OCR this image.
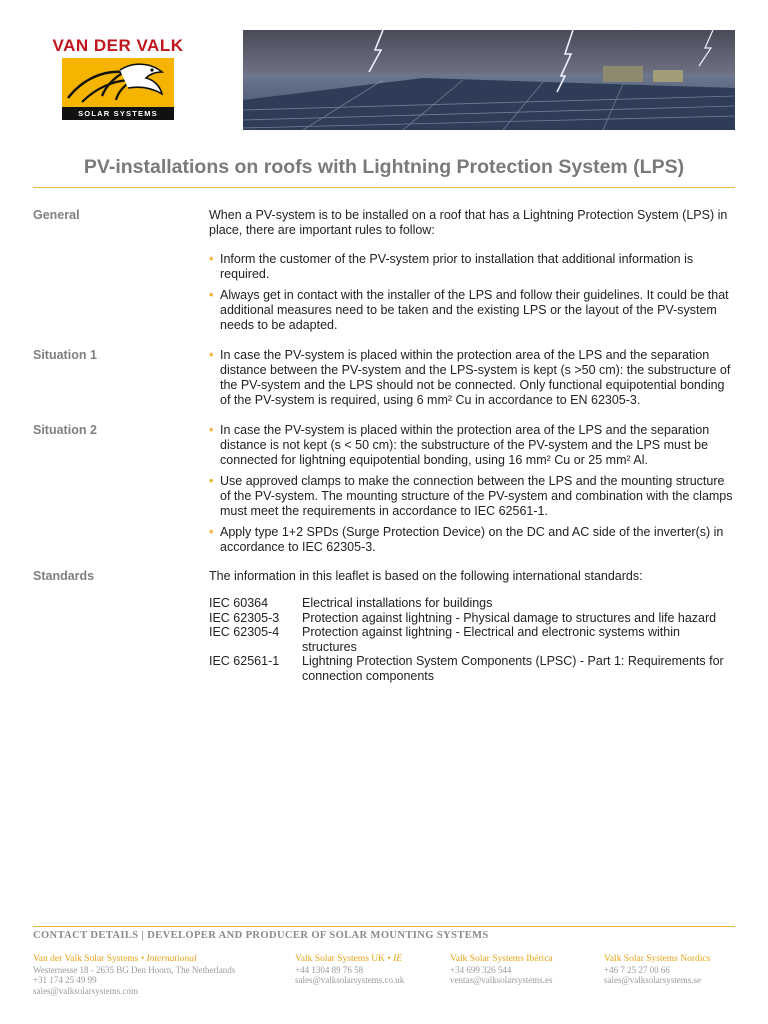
VAN DER VALK
SOLAR SYSTEMS
PV-installations on roofs with Lightning Protection System (LPS)
General	When a PV-system is to be installed on a roof that has a Lightning Protection System (LPS) in place, there are important rules to follow:

• Inform the customer of the PV-system prior to installation that additional information is required.
• Always get in contact with the installer of the LPS and follow their guidelines. It could be that additional measures need to be taken and the existing LPS or the layout of the PV-system needs to be adapted.
Situation 1	• In case the PV-system is placed within the protection area of the LPS and the separation distance between the PV-system and the LPS-system is kept (s >50 cm): the substructure of the PV-system and the LPS should not be connected. Only functional equipotential bonding of the PV-system is required, using 6 mm² Cu in accordance to EN 62305-3.
Situation 2	• In case the PV-system is placed within the protection area of the LPS and the separation distance is not kept (s < 50 cm): the substructure of the PV-system and the LPS must be connected for lightning equipotential bonding, using 16 mm² Cu or 25 mm² Al.
• Use approved clamps to make the connection between the LPS and the mounting structure of the PV-system. The mounting structure of the PV-system and combination with the clamps must meet the requirements in accordance to IEC 62561-1.
• Apply type 1+2 SPDs (Surge Protection Device) on the DC and AC side of the inverter(s) in accordance to IEC 62305-3.
Standards	The information in this leaflet is based on the following international standards:

IEC 60364	Electrical installations for buildings
IEC 62305-3	Protection against lightning - Physical damage to structures and life hazard
IEC 62305-4	Protection against lightning - Electrical and electronic systems within structures
IEC 62561-1	Lightning Protection System Components (LPSC) - Part 1: Requirements for connection components
CONTACT DETAILS | DEVELOPER AND PRODUCER OF SOLAR MOUNTING SYSTEMS
Van der Valk Solar Systems • International
Westernesse 18 - 2635 BG Den Hoorn, The Netherlands
+31 174 25 49 99
sales@valksolarsystems.com
Valk Solar Systems UK • IE
+44 1304 89 76 58
sales@valksolarsystems.co.uk
Valk Solar Systems Ibérica
+34 699 326 544
ventas@valksolarsystems.es
Valk Solar Systems Nordics
+46 7 25 27 00 66
sales@valksolarsystems.se
